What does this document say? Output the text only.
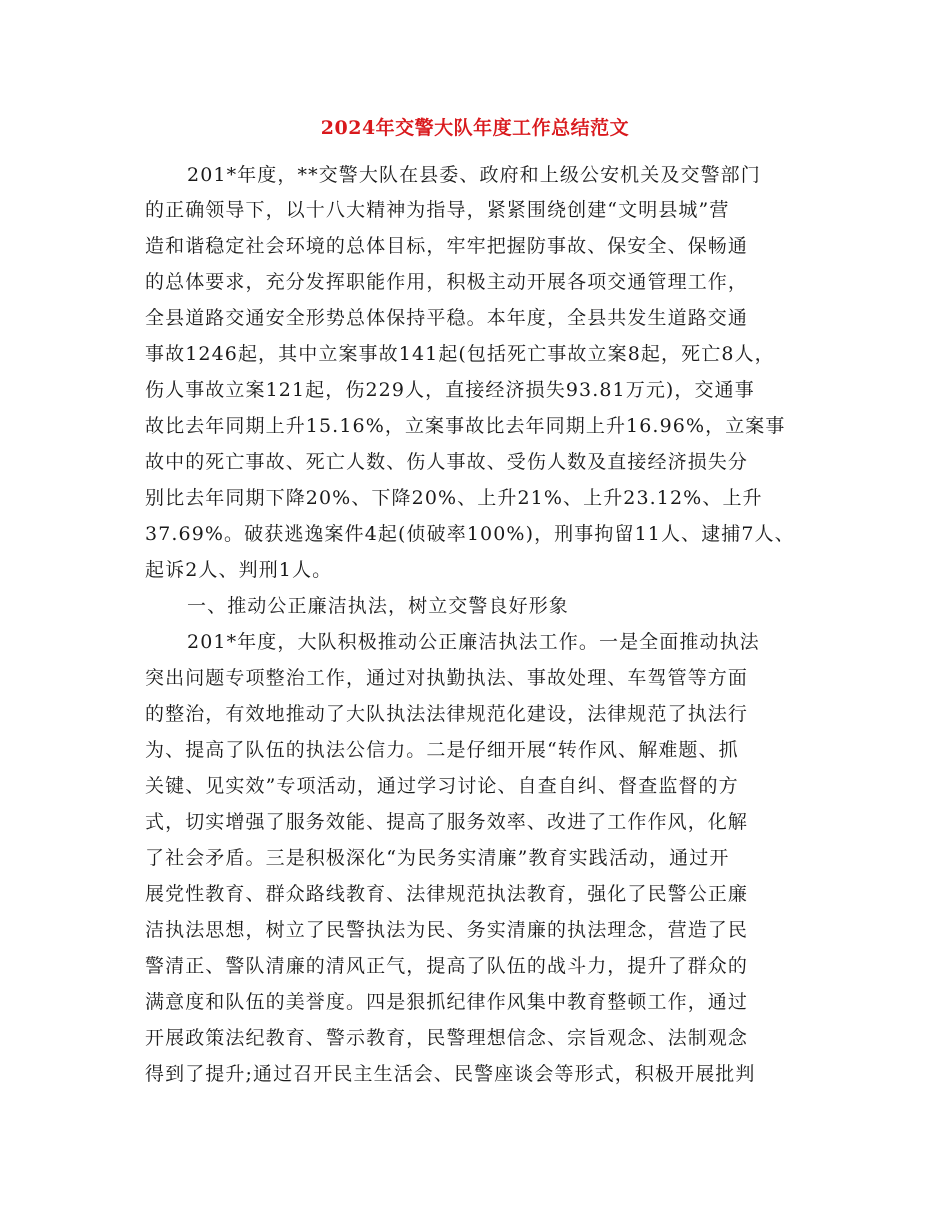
2024年交警大队年度工作总结范文
201*年度，**交警大队在县委、政府和上级公安机关及交警部门
的正确领导下，以十八大精神为指导，紧紧围绕创建“文明县城”营
造和谐稳定社会环境的总体目标，牢牢把握防事故、保安全、保畅通
的总体要求，充分发挥职能作用，积极主动开展各项交通管理工作，
全县道路交通安全形势总体保持平稳。本年度，全县共发生道路交通
事故1246起，其中立案事故141起(包括死亡事故立案8起，死亡8人，
伤人事故立案121起，伤229人，直接经济损失93.81万元)，交通事
故比去年同期上升15.16%，立案事故比去年同期上升16.96%，立案事
故中的死亡事故、死亡人数、伤人事故、受伤人数及直接经济损失分
别比去年同期下降20%、下降20%、上升21%、上升23.12%、上升
37.69%。破获逃逸案件4起(侦破率100%)，刑事拘留11人、逮捕7人、
起诉2人、判刑1人。
一、推动公正廉洁执法，树立交警良好形象
201*年度，大队积极推动公正廉洁执法工作。一是全面推动执法
突出问题专项整治工作，通过对执勤执法、事故处理、车驾管等方面
的整治，有效地推动了大队执法法律规范化建设，法律规范了执法行
为、提高了队伍的执法公信力。二是仔细开展“转作风、解难题、抓
关键、见实效”专项活动，通过学习讨论、自查自纠、督查监督的方
式，切实增强了服务效能、提高了服务效率、改进了工作作风，化解
了社会矛盾。三是积极深化“为民务实清廉”教育实践活动，通过开
展党性教育、群众路线教育、法律规范执法教育，强化了民警公正廉
洁执法思想，树立了民警执法为民、务实清廉的执法理念，营造了民
警清正、警队清廉的清风正气，提高了队伍的战斗力，提升了群众的
满意度和队伍的美誉度。四是狠抓纪律作风集中教育整顿工作，通过
开展政策法纪教育、警示教育，民警理想信念、宗旨观念、法制观念
得到了提升;通过召开民主生活会、民警座谈会等形式，积极开展批判
